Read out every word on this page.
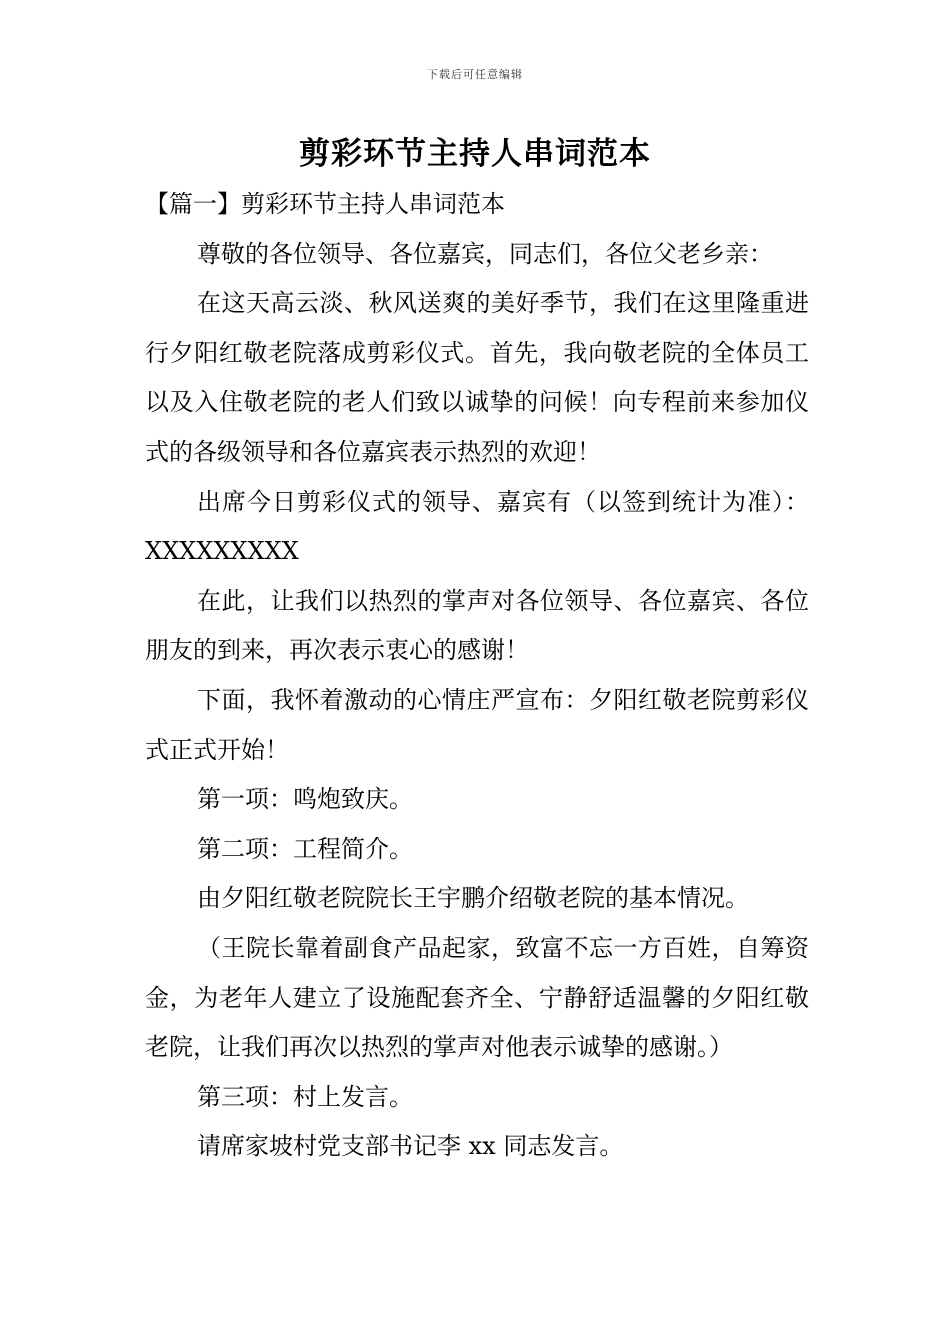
下载后可任意编辑
剪彩环节主持人串词范本

【篇一】剪彩环节主持人串词范本

尊敬的各位领导、各位嘉宾，同志们，各位父老乡亲：

在这天高云淡、秋风送爽的美好季节，我们在这里隆重进行夕阳红敬老院落成剪彩仪式。首先，我向敬老院的全体员工以及入住敬老院的老人们致以诚挚的问候！向专程前来参加仪式的各级领导和各位嘉宾表示热烈的欢迎！

出席今日剪彩仪式的领导、嘉宾有（以签到统计为准）：XXXXXXXXX

在此，让我们以热烈的掌声对各位领导、各位嘉宾、各位朋友的到来，再次表示衷心的感谢！

下面，我怀着激动的心情庄严宣布：夕阳红敬老院剪彩仪式正式开始！

第一项：鸣炮致庆。

第二项：工程简介。

由夕阳红敬老院院长王宇鹏介绍敬老院的基本情况。

（王院长靠着副食产品起家，致富不忘一方百姓，自筹资金，为老年人建立了设施配套齐全、宁静舒适温馨的夕阳红敬老院，让我们再次以热烈的掌声对他表示诚挚的感谢。）

第三项：村上发言。

请席家坡村党支部书记李 xx 同志发言。
